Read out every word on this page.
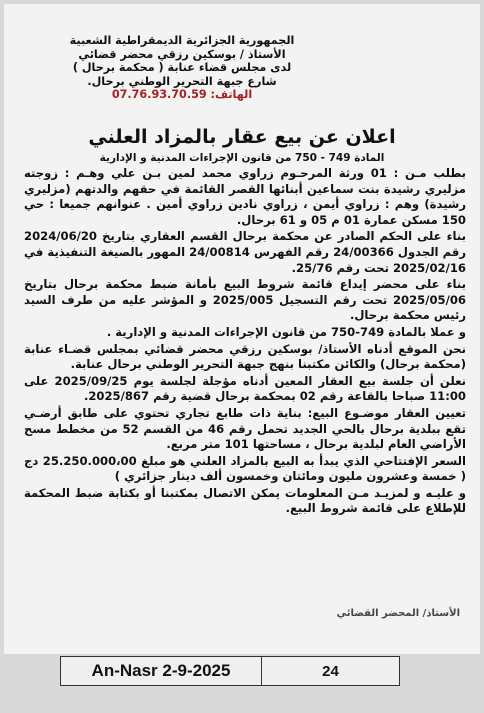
الجمهورية الجزائرية الديمقراطية الشعبية
الأستاذ / بوسكين رزقي محضر قضائي
لدى مجلس قضاء عنابة ( محكمة برحال )
شارع جبهة التحرير الوطني برحال.
الهاتف: 07.76.93.70.59
اعلان عن بيع عقار بالمزاد العلني
المادة 749 - 750 من قانون الإجراءات المدنية و الإدارية

بطلب مـن : 01 ورثة المرحـوم زراوي محمد لمين بـن علي وهـم : زوجته مزليري رشيدة بنت سماعين أبنائها القصر القائمة في حقهم والدتهم (مزليري رشيدة) وهم : زراوي أيمن ، زراوي نادين زراوي أمين . عنوانهم جميعا : حي 150 مسكن عمارة 01 م 05 و 61 برحال.

بناء على الحكم الصادر عن محكمة برحال القسم العقاري بتاريخ 2024/06/20 رقم الجدول 24/00366 رقم الفهرس 24/00814 المهور بالصيغة التنفيذية في 2025/02/16 تحت رقم 25/76.

بناء على محضر إيداع قائمة شروط البيع بأمانة ضبط محكمة برحال بتاريخ 2025/05/06 تحت رقم التسجيل 2025/005 و المؤشر عليه من طرف السيد رئيس محكمة برحال.

و عملا بالمادة 749-750 من قانون الإجراءات المدنية و الإدارية .

نحن الموقع أدناه الأستاذ/ بوسكين رزقي محضر قضائي بمجلس قضـاء عنابة (محكمة برحال) والكائن مكتبنا بنهج جبهة التحرير الوطني برحال عنابة.

نعلن أن جلسة بيع العقار المعين أدناه مؤجلة لجلسة يوم 2025/09/25 على 11:00 صباحا بالقاعة رقم 02 بمحكمة برحال قضية رقم 2025/867.

تعيين العقار موضـوع البيع: بناية ذات طابع تجاري تحتوي على طابق أرضـي تقع ببلدية برحال بالحي الجديد تحمل رقم 46 من القسم 52 من مخطط مسح الأراضي العام لبلدية برحال ، مساحتها 101 متر مربع.

السعر الإفتتاحي الذي يبدأ به البيع بالمزاد العلني هو مبلغ 25.250.000،00 دج ( خمسة وعشرون مليون ومائتان وخمسون ألف دينار جزائري )

و عليـه و لمزيـد مـن المعلومات يمكن الاتصال بمكتبنا أو بكتابة ضبط المحكمة للإطلاع على قائمة شروط البيع.

الأستاذ/ المحضر القضائي
An-Nasr 2-9-2025	24
